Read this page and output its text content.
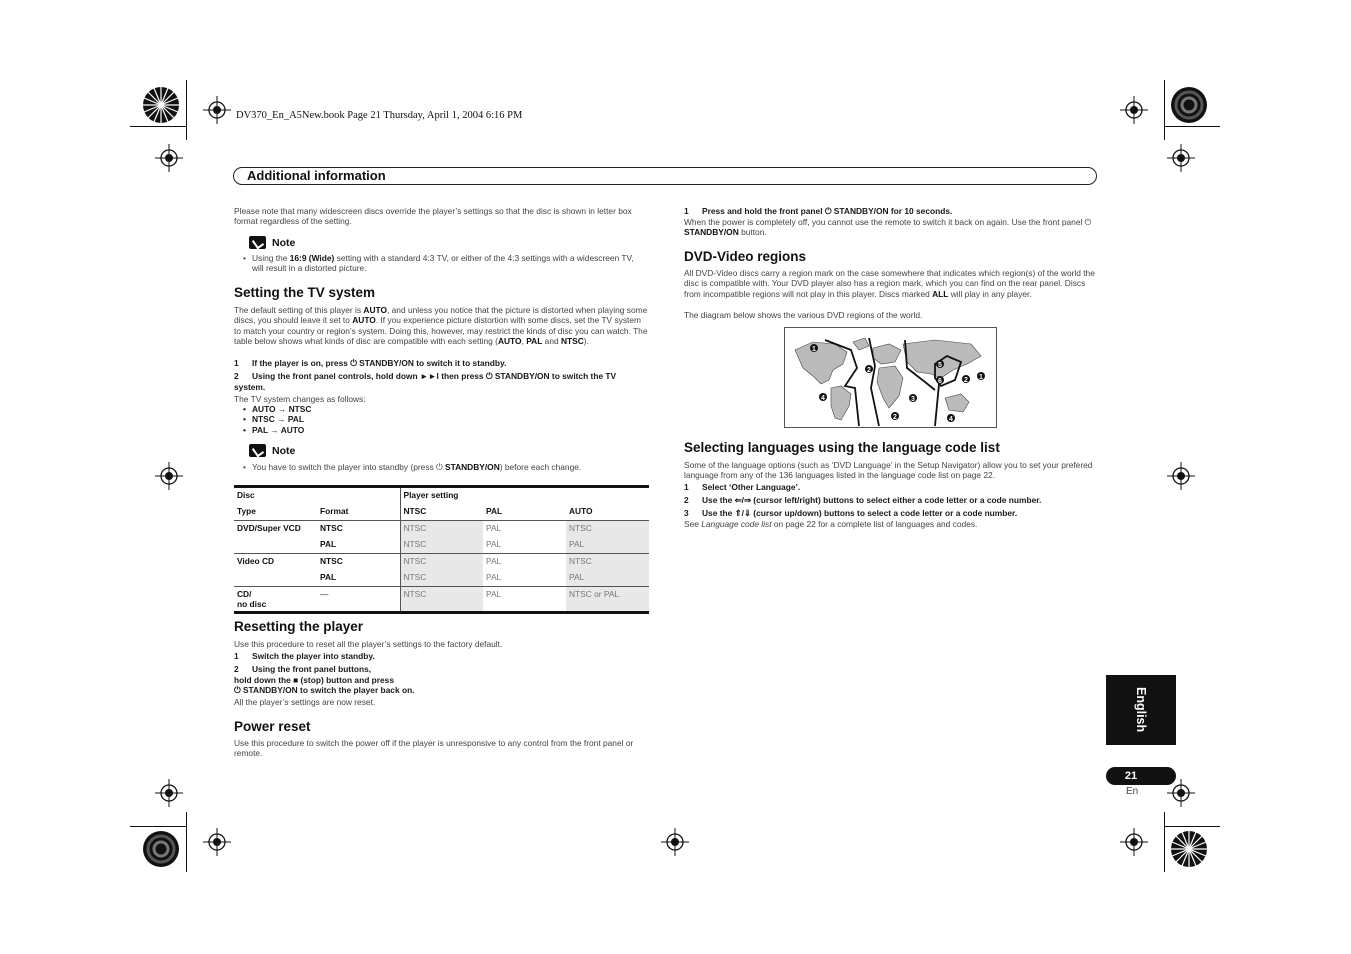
DV370_En_A5New.book Page 21 Thursday, April 1, 2004 6:16 PM
Additional information
Please note that many widescreen discs override the player’s settings so that the disc is shown in letter box format regardless of the setting.
Note
• Using the 16:9 (Wide) setting with a standard 4:3 TV, or either of the 4:3 settings with a widescreen TV, will result in a distorted picture.
Setting the TV system
The default setting of this player is AUTO, and unless you notice that the picture is distorted when playing some discs, you should leave it set to AUTO. If you experience picture distortion with some discs, set the TV system to match your country or region’s system. Doing this, however, may restrict the kinds of disc you can watch. The table below shows what kinds of disc are compatible with each setting (AUTO, PAL and NTSC).
1 If the player is on, press ⏻ STANDBY/ON to switch it to standby.
2 Using the front panel controls, hold down ►►I then press ⏻ STANDBY/ON to switch the TV system.
The TV system changes as follows:
• AUTO → NTSC
• NTSC → PAL
• PAL → AUTO
Note
• You have to switch the player into standby (press ⏻ STANDBY/ON) before each change.
Disc		Player setting		
Type	Format	NTSC	PAL	AUTO
DVD/Super VCD	NTSC	NTSC	PAL	NTSC
	PAL	NTSC	PAL	PAL
Video CD	NTSC	NTSC	PAL	NTSC
	PAL	NTSC	PAL	PAL
CD/
no disc	—	NTSC	PAL	NTSC or PAL
Resetting the player
Use this procedure to reset all the player’s settings to the factory default.
1 Switch the player into standby.
2 Using the front panel buttons,
hold down the ■ (stop) button and press
⏻ STANDBY/ON to switch the player back on.
All the player’s settings are now reset.
Power reset
Use this procedure to switch the power off if the player is unresponsive to any control from the front panel or remote.
1 Press and hold the front panel ⏻ STANDBY/ON for 10 seconds.
When the power is completely off, you cannot use the remote to switch it back on again. Use the front panel ⏻ STANDBY/ON button.
DVD-Video regions
All DVD-Video discs carry a region mark on the case somewhere that indicates which region(s) of the world the disc is compatible with. Your DVD player also has a region mark, which you can find on the rear panel. Discs from incompatible regions will not play in this player. Discs marked ALL will play in any player.
The diagram below shows the various DVD regions of the world.
1
2
3
4
5
6
1
2
4
2
Selecting languages using the language code list
Some of the language options (such as ‘DVD Language’ in the Setup Navigator) allow you to set your prefered language from any of the 136 languages listed in the language code list on page 22.
1 Select ‘Other Language’.
2 Use the ⇐/⇒ (cursor left/right) buttons to select either a code letter or a code number.
3 Use the ⇑/⇓ (cursor up/down) buttons to select a code letter or a code number.
See Language code list on page 22 for a complete list of languages and codes.
English
21
En
